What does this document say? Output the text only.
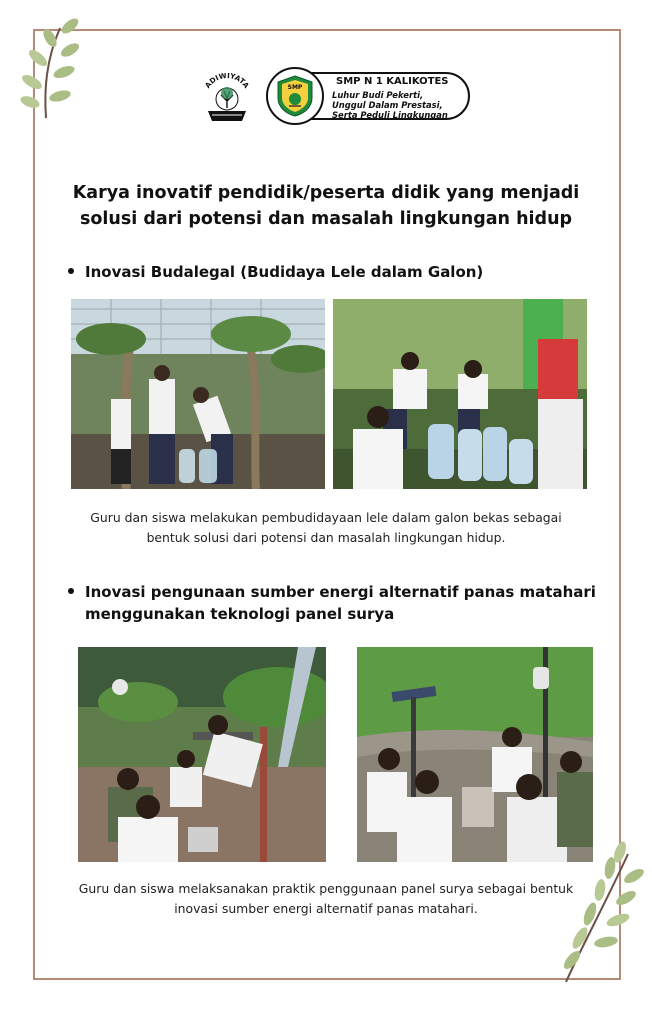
ADIWIYATA	SMP
SMP N 1 KALIKOTES
Luhur Budi Pekerti,
Unggul Dalam Prestasi,
Serta Peduli Lingkungan
Karya inovatif pendidik/peserta didik yang menjadi
solusi dari potensi dan masalah lingkungan hidup
Inovasi Budalegal (Budidaya Lele dalam Galon)
Guru dan siswa melakukan pembudidayaan lele dalam galon bekas sebagai
bentuk solusi dari potensi dan masalah lingkungan hidup.
Inovasi pengunaan sumber energi alternatif panas matahari
menggunakan teknologi panel surya
Guru dan siswa melaksanakan praktik penggunaan panel surya sebagai bentuk
inovasi sumber energi alternatif panas matahari.
